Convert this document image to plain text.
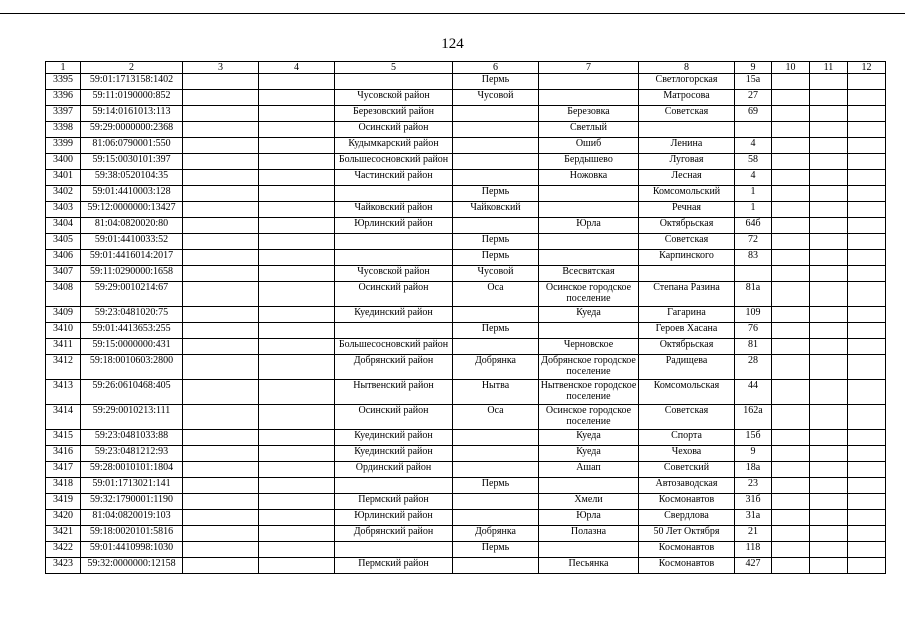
124
1	2	3	4	5	6	7	8	9	10	11	12
3395	59:01:1713158:1402				Пермь		Светлогорская	15а			
3396	59:11:0190000:852			Чусовской район	Чусовой		Матросова	27			
3397	59:14:0161013:113			Березовский район		Березовка	Советская	69			
3398	59:29:0000000:2368			Осинский район		Светлый					
3399	81:06:0790001:550			Кудымкарский район		Ошиб	Ленина	4			
3400	59:15:0030101:397			Большесосновский район		Бердышево	Луговая	58			
3401	59:38:0520104:35			Частинский район		Ножовка	Лесная	4			
3402	59:01:4410003:128				Пермь		Комсомольский	1			
3403	59:12:0000000:13427			Чайковский район	Чайковский		Речная	1			
3404	81:04:0820020:80			Юрлинский район		Юрла	Октябрьская	64б			
3405	59:01:4410033:52				Пермь		Советская	72			
3406	59:01:4416014:2017				Пермь		Карпинского	83			
3407	59:11:0290000:1658			Чусовской район	Чусовой	Всесвятская					
3408	59:29:0010214:67			Осинский район	Оса	Осинское городское поселение	Степана Разина	81а			
3409	59:23:0481020:75			Куединский район		Куеда	Гагарина	109			
3410	59:01:4413653:255				Пермь		Героев Хасана	76			
3411	59:15:0000000:431			Большесосновский район		Черновское	Октябрьская	81			
3412	59:18:0010603:2800			Добрянский район	Добрянка	Добрянское городское поселение	Радищева	28			
3413	59:26:0610468:405			Нытвенский район	Нытва	Нытвенское городское поселение	Комсомольская	44			
3414	59:29:0010213:111			Осинский район	Оса	Осинское городское поселение	Советская	162а			
3415	59:23:0481033:88			Куединский район		Куеда	Спорта	15б			
3416	59:23:0481212:93			Куединский район		Куеда	Чехова	9			
3417	59:28:0010101:1804			Ординский район		Ашап	Советский	18а			
3418	59:01:1713021:141				Пермь		Автозаводская	23			
3419	59:32:1790001:1190			Пермский район		Хмели	Космонавтов	31б			
3420	81:04:0820019:103			Юрлинский район		Юрла	Свердлова	31а			
3421	59:18:0020101:5816			Добрянский район	Добрянка	Полазна	50 Лет Октября	21			
3422	59:01:4410998:1030				Пермь		Космонавтов	118			
3423	59:32:0000000:12158			Пермский район		Песьянка	Космонавтов	427			
